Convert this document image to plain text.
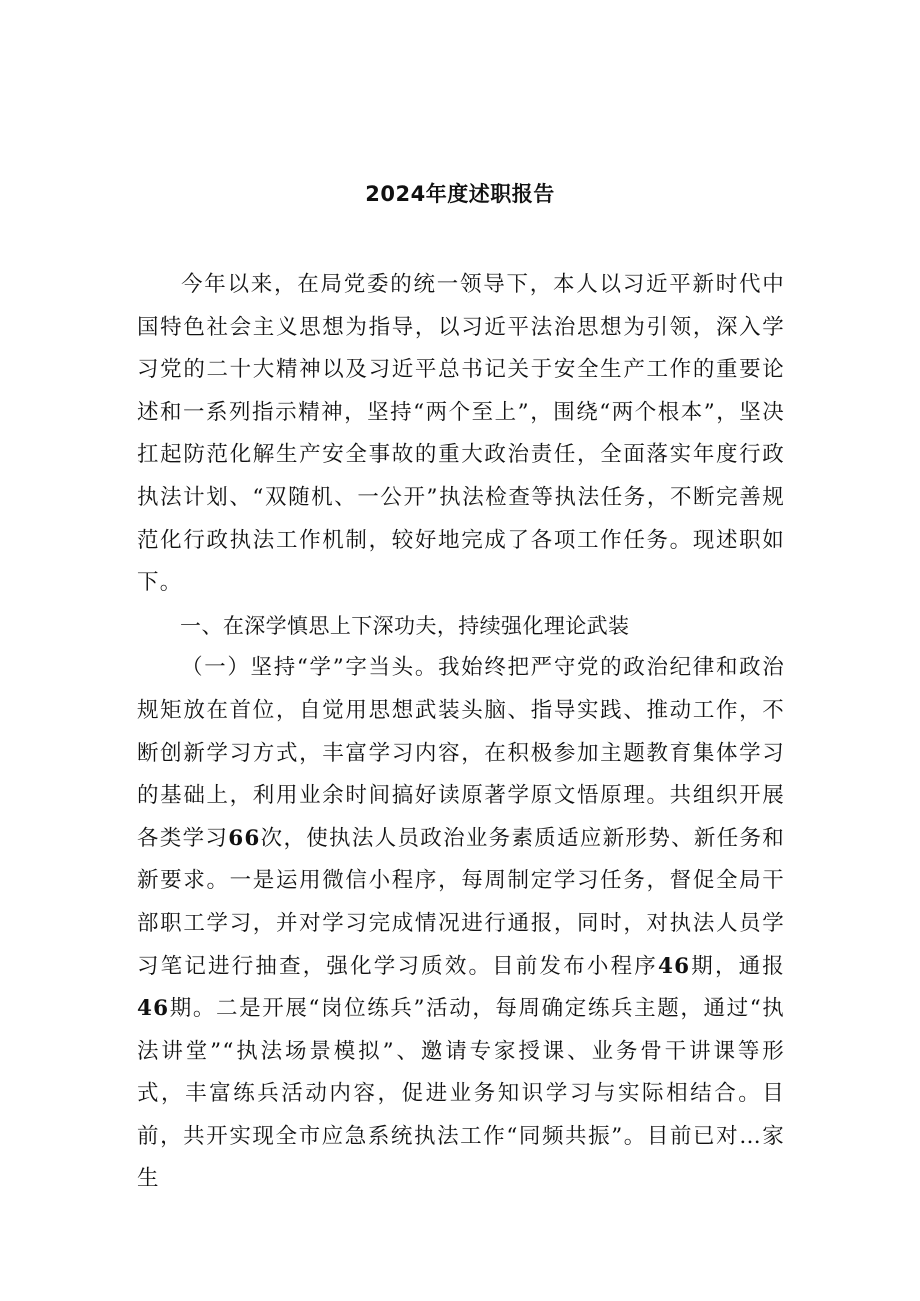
2024年度述职报告

今年以来，在局党委的统一领导下，本人以习近平新时代中国特色社会主义思想为指导，以习近平法治思想为引领，深入学习党的二十大精神以及习近平总书记关于安全生产工作的重要论述和一系列指示精神，坚持“两个至上”，围绕“两个根本”，坚决扛起防范化解生产安全事故的重大政治责任，全面落实年度行政执法计划、“双随机、一公开”执法检查等执法任务，不断完善规范化行政执法工作机制，较好地完成了各项工作任务。现述职如下。

一、在深学慎思上下深功夫，持续强化理论武装

（一）坚持“学”字当头。我始终把严守党的政治纪律和政治规矩放在首位，自觉用思想武装头脑、指导实践、推动工作，不断创新学习方式，丰富学习内容，在积极参加主题教育集体学习的基础上，利用业余时间搞好读原著学原文悟原理。共组织开展各类学习66次，使执法人员政治业务素质适应新形势、新任务和新要求。一是运用微信小程序，每周制定学习任务，督促全局干部职工学习，并对学习完成情况进行通报，同时，对执法人员学习笔记进行抽查，强化学习质效。目前发布小程序46期，通报46期。二是开展“岗位练兵”活动，每周确定练兵主题，通过“执法讲堂”“执法场景模拟”、邀请专家授课、业务骨干讲课等形式，丰富练兵活动内容，促进业务知识学习与实际相结合。目前，共开实现全市应急系统执法工作“同频共振”。目前已对…家生
